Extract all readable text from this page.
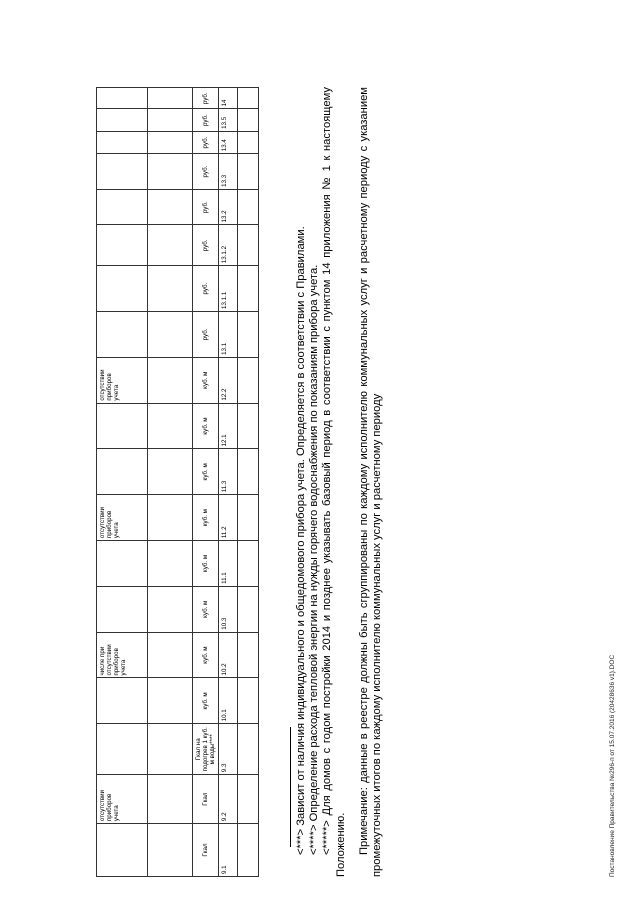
	отсутствии приборов учета			числе при отсутствии приборов учета			отсутствии приборов учета			отсутствии приборов учета								

Гкал	Гкал	Гкал на подогрев 1 куб. м воды****	куб. м	куб. м	куб. м	куб. м	куб. м	куб. м	куб. м	куб. м	руб.	руб.	руб.	руб.	руб.	руб.	руб.	руб.
9.1	9.2	9.3	10.1	10.2	10.3	11.1	11.2	11.3	12.1	12.2	13.1	13.1.1	13.1.2	13.2	13.3	13.4	13.5	14

<***> Зависит от наличия индивидуального и общедомового прибора учета. Определяется в соответствии с Правилами. <****> Определение расхода тепловой энергии на нужды горячего водоснабжения по показаниям прибора учета. <*****> Для домов с годом постройки 2014 и позднее указывать базовый период в соответствии с пунктом 14 приложения № 1 к настоящему Положению. Примечание: данные в реестре должны быть сгруппированы по каждому исполнителю коммунальных услуг и расчетному периоду с указанием промежуточных итогов по каждому исполнителю коммунальных услуг и расчетному периоду	Постановление Правительства №296-п от 15.07.2016 (20428636 v1).DOC
